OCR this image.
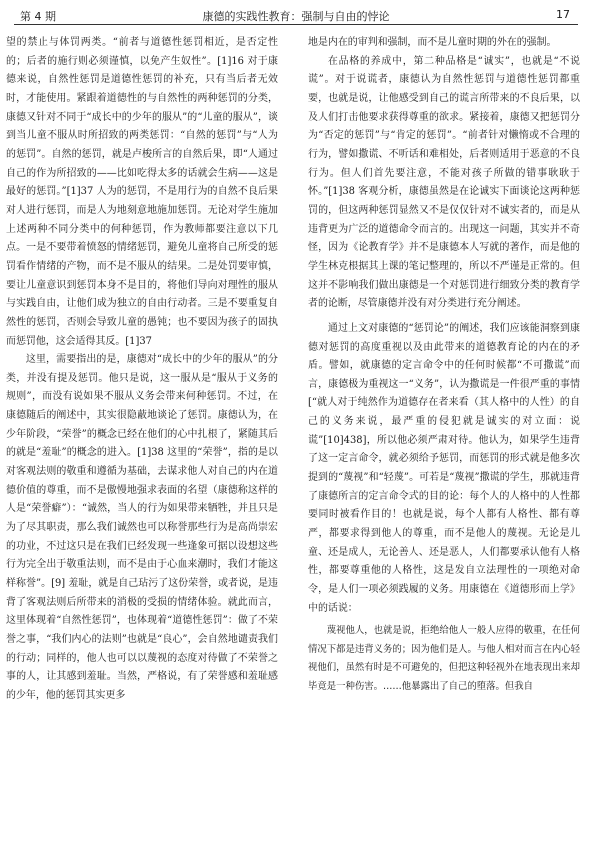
第 4 期	康德的实践性教育：强制与自由的悖论	17

望的禁止与体罚两类。“前者与道德性惩罚相近，是否定性的；后者的施行则必须谨慎，以免产生奴性”。[1]16 对于康德来说，自然性惩罚是道德性惩罚的补充，只有当后者无效时，才能使用。紧跟着道德性的与自然性的两种惩罚的分类，康德又针对不同于“成长中的少年的服从”的“儿童的服从”，谈到当儿童不服从时所招致的两类惩罚：“自然的惩罚”与“人为的惩罚”。自然的惩罚，就是卢梭所言的自然后果，即“人通过自己的作为所招致的——比如吃得太多的话就会生病——这是最好的惩罚。”[1]37 人为的惩罚，不是用行为的自然不良后果对人进行惩罚，而是人为地刻意地施加惩罚。无论对学生施加上述两种不同分类中的何种惩罚，作为教师都要注意以下几点。一是不要带着愤怒的情绪惩罚，避免儿童将自己所受的惩罚看作情绪的产物，而不是不服从的结果。二是处罚要审慎，要让儿童意识到惩罚本身不是目的，将他们导向对理性的服从与实践自由，让他们成为独立的自由行动者。三是不要重复自然性的惩罚，否则会导致儿童的愚钝；也不要因为孩子的固执而惩罚他，这会适得其反。[1]37

这里，需要指出的是，康德对“成长中的少年的服从”的分类，并没有提及惩罚。他只是说，这一服从是“服从于义务的规则”，而没有说如果不服从义务会带来何种惩罚。不过，在康德随后的阐述中，其实很隐蔽地谈论了惩罚。康德认为，在少年阶段，“荣誉”的概念已经在他们的心中扎根了，紧随其后的就是“羞耻”的概念的进入。[1]38 这里的“荣誉”，指的是以对客观法则的敬重和遵循为基础，去谋求他人对自己的内在道德价值的尊重，而不是傲慢地强求表面的名望（康德称这样的人是“荣誉癖”）：“诚然，当人的行为如果带来牺牲，并且只是为了尽其职责，那么我们诚然也可以称誉那些行为是高尚崇宏的功业，不过这只是在我们已经发现一些逢象可据以设想这些行为完全出于敬重法则，而不是由于心血来潮时，我们才能这样称誉”。[9] 羞耻，就是自己玷污了这份荣誉，或者说，是违背了客观法则后所带来的消极的受损的情绪体验。就此而言，这里体现着“自然性惩罚”，也体现着“道德性惩罚”：做了不荣誉之事，“我们内心的法则”也就是“良心”，会自然地谴责我们的行动；同样的，他人也可以以蔑视的态度对待做了不荣誉之事的人，让其感到羞耻。当然，严格说，有了荣誉感和羞耻感的少年，他的惩罚其实更多

地是内在的审判和强制，而不是儿童时期的外在的强制。

在品格的养成中，第二种品格是“诚实”，也就是“不说谎”。对于说谎者，康德认为自然性惩罚与道德性惩罚都重要，也就是说，让他感受到自己的谎言所带来的不良后果，以及人们打击他要求获得尊重的欲求。紧接着，康德又把惩罚分为“否定的惩罚”与“肯定的惩罚”。“前者针对懒惰或不合理的行为，譬如撒谎、不听话和难相处，后者则适用于恶意的不良行为。但人们首先要注意，不能对孩子所做的错事耿耿于怀。”[1]38 客观分析，康德虽然是在论诚实下面谈论这两种惩罚的，但这两种惩罚显然又不是仅仅针对不诚实者的，而是从违背更为广泛的道德命令而言的。出现这一问题，其实并不奇怪，因为《论教育学》并不是康德本人写就的著作，而是他的学生林克根据其上课的笔记整理的，所以不严谨是正常的。但这并不影响我们做出康德是一个对惩罚进行细致分类的教育学者的论断，尽管康德并没有对分类进行充分阐述。

通过上文对康德的“惩罚论”的阐述，我们应该能洞察到康德对惩罚的高度重视以及由此带来的道德教育论的内在的矛盾。譬如，就康德的定言命令中的任何时候都“不可撒谎”而言，康德极为重视这一“义务”，认为撒谎是一件很严重的事情[“就人对于纯然作为道德存在者来看（其人格中的人性）的自己的义务来说，最严重的侵犯就是诚实的对立面：说谎”[10]438]，所以他必须严肃对待。他认为，如果学生违背了这一定言命令，就必须给予惩罚，而惩罚的形式就是他多次提到的“蔑视”和“轻蔑”。可若是“蔑视”撒谎的学生，那就违背了康德所言的定言命令式的目的论：每个人的人格中的人性都要同时被看作目的！也就是说，每个人都有人格性、都有尊严，都要求得到他人的尊重，而不是他人的蔑视。无论是儿童、还是成人，无论善人、还是恶人，人们都要承认他有人格性，都要尊重他的人格性，这是发自立法理性的一项绝对命令，是人们一项必须践履的义务。用康德在《道德形而上学》中的话说：

蔑视他人，也就是说，拒绝给他人一般人应得的敬重，在任何情况下都是违背义务的；因为他们是人。与他人相对而言在内心轻视他们，虽然有时是不可避免的，但把这种轻视外在地表现出来却毕竟是一种伤害。……他暴露出了自己的堕落。但我自
